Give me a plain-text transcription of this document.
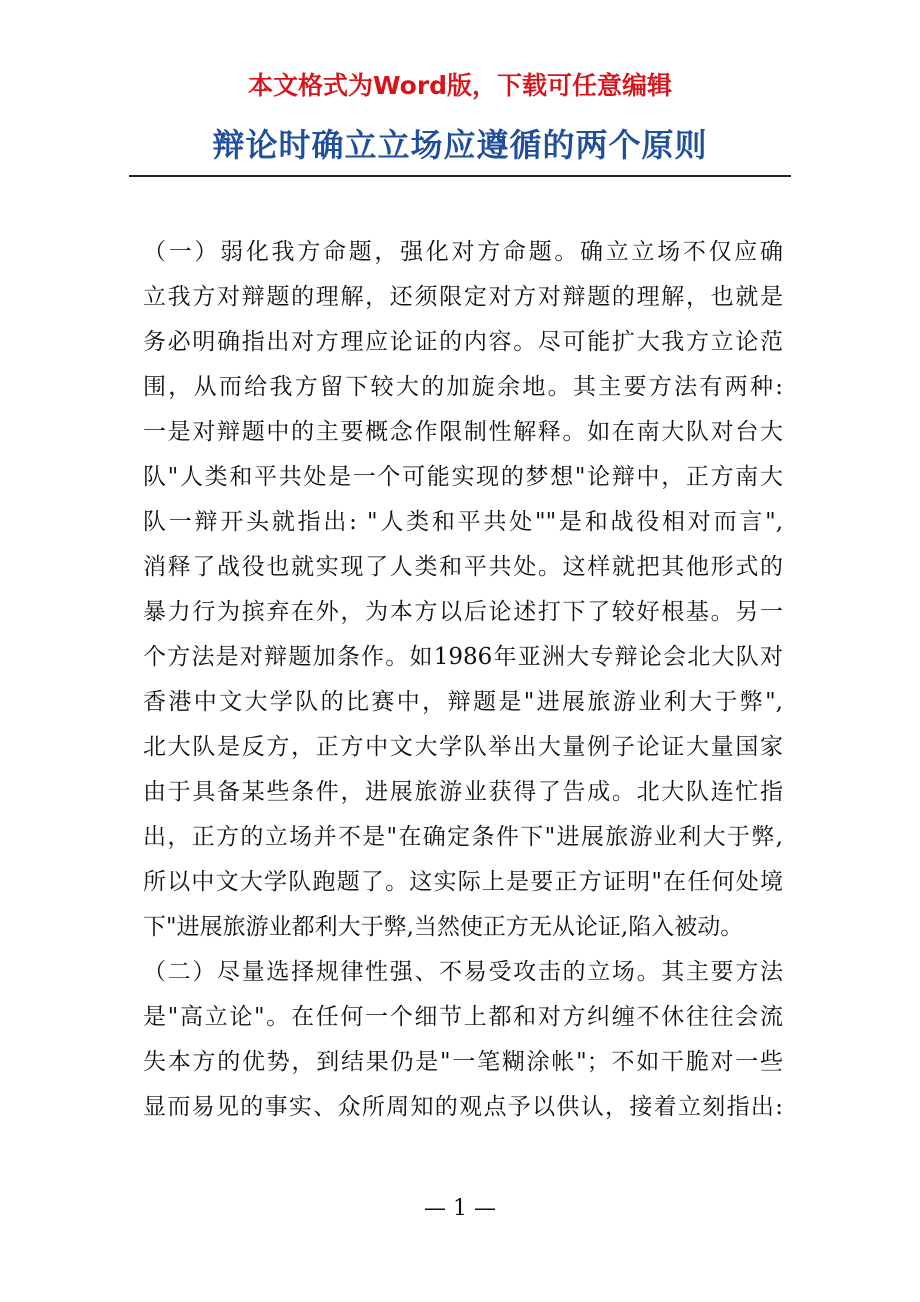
本文格式为Word版，下载可任意编辑
辩论时确立立场应遵循的两个原则
（一）弱化我方命题，强化对方命题。确立立场不仅应确
立我方对辩题的理解，还须限定对方对辩题的理解，也就是
务必明确指出对方理应论证的内容。尽可能扩大我方立论范
围，从而给我方留下较大的加旋余地。其主要方法有两种:
一是对辩题中的主要概念作限制性解释。如在南大队对台大
队"人类和平共处是一个可能实现的梦想"论辩中，正方南大
队一辩开头就指出: "人类和平共处""是和战役相对而言",
消释了战役也就实现了人类和平共处。这样就把其他形式的
暴力行为摈弃在外，为本方以后论述打下了较好根基。另一
个方法是对辩题加条作。如1986年亚洲大专辩论会北大队对
香港中文大学队的比赛中，辩题是"进展旅游业利大于弊",
北大队是反方，正方中文大学队举出大量例子论证大量国家
由于具备某些条件，进展旅游业获得了告成。北大队连忙指
出，正方的立场并不是"在确定条件下"进展旅游业利大于弊,
所以中文大学队跑题了。这实际上是要正方证明"在任何处境
下"进展旅游业都利大于弊,当然使正方无从论证,陷入被动。
（二）尽量选择规律性强、不易受攻击的立场。其主要方法
是"高立论"。在任何一个细节上都和对方纠缠不休往往会流
失本方的优势，到结果仍是"一笔糊涂帐"；不如干脆对一些
显而易见的事实、众所周知的观点予以供认，接着立刻指出:
— 1 —
